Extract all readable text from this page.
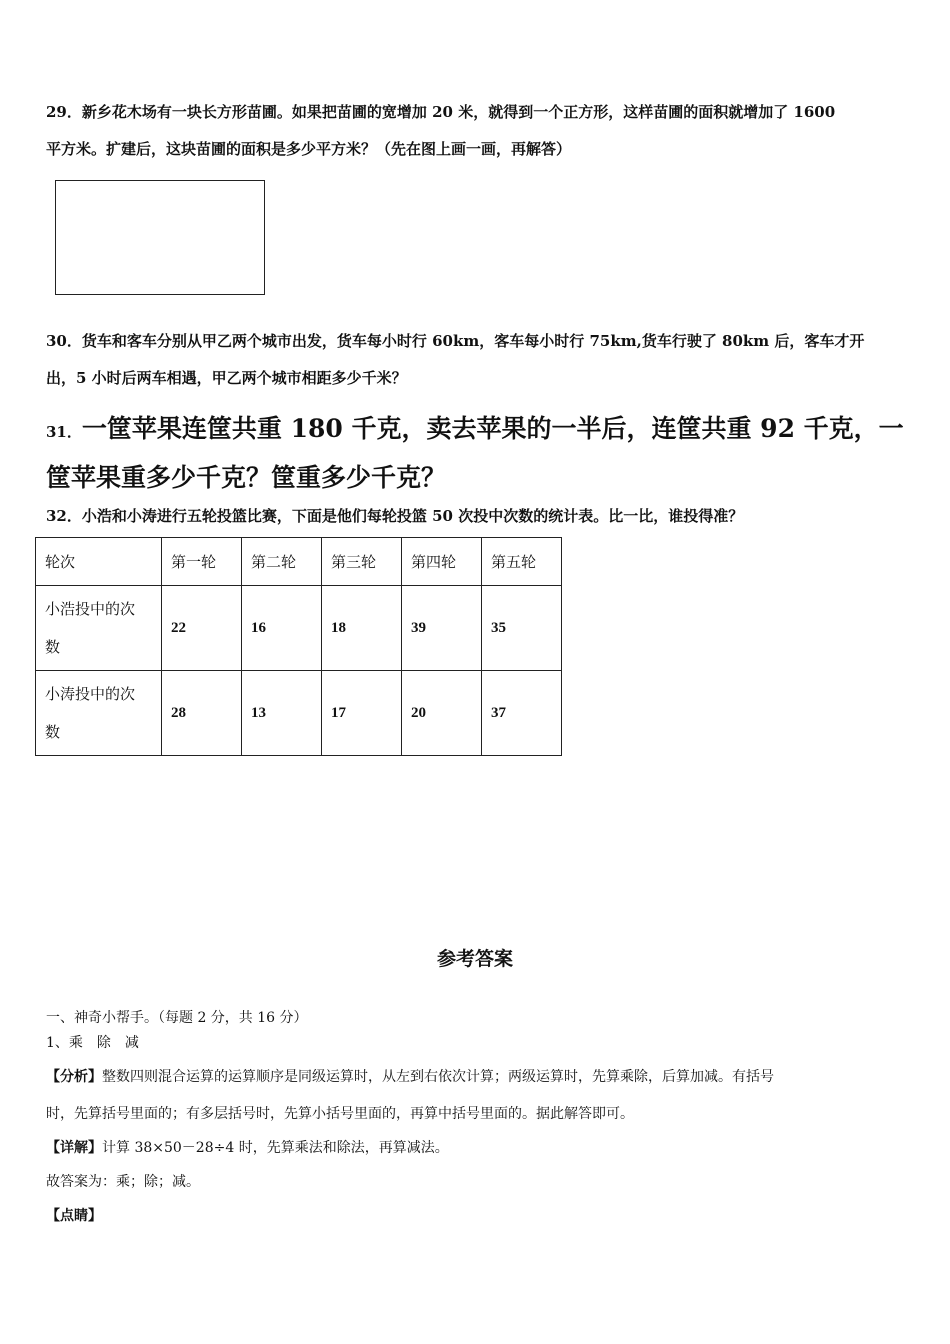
29．新乡花木场有一块长方形苗圃。如果把苗圃的宽增加 20 米，就得到一个正方形，这样苗圃的面积就增加了 1600
平方米。扩建后，这块苗圃的面积是多少平方米？（先在图上画一画，再解答）
30．货车和客车分别从甲乙两个城市出发，货车每小时行 60km，客车每小时行 75km,货车行驶了 80km 后，客车才开
出，5 小时后两车相遇，甲乙两个城市相距多少千米？
31．一筐苹果连筐共重 180 千克，卖去苹果的一半后，连筐共重 92 千克，一
筐苹果重多少千克？筐重多少千克？
32．小浩和小涛进行五轮投篮比赛，下面是他们每轮投篮 50 次投中次数的统计表。比一比，谁投得准？
轮次	第一轮	第二轮	第三轮	第四轮	第五轮

小浩投中的次
数	22	16	18	39	35

小涛投中的次
数	28	13	17	20	37
参考答案
一、神奇小帮手。（每题 2 分，共 16 分）
1、乘　除　减
【分析】整数四则混合运算的运算顺序是同级运算时，从左到右依次计算；两级运算时，先算乘除，后算加减。有括号
时，先算括号里面的；有多层括号时，先算小括号里面的，再算中括号里面的。据此解答即可。
【详解】计算 38×50－28÷4 时，先算乘法和除法，再算减法。
故答案为：乘；除；减。
【点睛】
